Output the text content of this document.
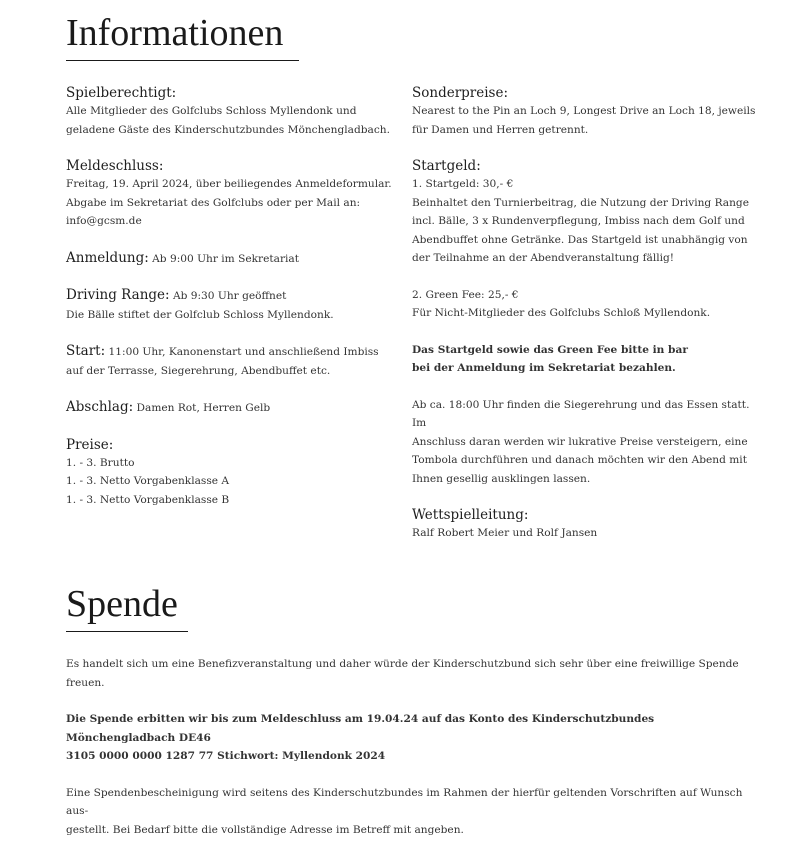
Informationen
Spielberechtigt:
Alle Mitglieder des Golfclubs Schloss Myllendonk und
geladene Gäste des Kinderschutzbundes Mönchengladbach.
Meldeschluss:
Freitag, 19. April 2024, über beiliegendes Anmeldeformular.
Abgabe im Sekretariat des Golfclubs oder per Mail an:
info@gcsm.de
Anmeldung: Ab 9:00 Uhr im Sekretariat
Driving Range: Ab 9:30 Uhr geöffnet
Die Bälle stiftet der Golfclub Schloss Myllendonk.
Start: 11:00 Uhr, Kanonenstart und anschließend Imbiss
auf der Terrasse, Siegerehrung, Abendbuffet etc.
Abschlag: Damen Rot, Herren Gelb
Preise:
1. - 3. Brutto
1. - 3. Netto Vorgabenklasse A
1. - 3. Netto Vorgabenklasse B
Sonderpreise:
Nearest to the Pin an Loch 9, Longest Drive an Loch 18, jeweils
für Damen und Herren getrennt.
Startgeld:
1. Startgeld: 30,- €
Beinhaltet den Turnierbeitrag, die Nutzung der Driving Range
incl. Bälle, 3 x Rundenverpflegung, Imbiss nach dem Golf und
Abendbuffet ohne Getränke. Das Startgeld ist unabhängig von
der Teilnahme an der Abendveranstaltung fällig!
2. Green Fee: 25,- €
Für Nicht-Mitglieder des Golfclubs Schloß Myllendonk.
Das Startgeld sowie das Green Fee bitte in bar
bei der Anmeldung im Sekretariat bezahlen.
Ab ca. 18:00 Uhr finden die Siegerehrung und das Essen statt. Im
Anschluss daran werden wir lukrative Preise versteigern, eine
Tombola durchführen und danach möchten wir den Abend mit
Ihnen gesellig ausklingen lassen.
Wettspielleitung:
Ralf Robert Meier und Rolf Jansen
Spende

Es handelt sich um eine Benefizveranstaltung und daher würde der Kinderschutzbund sich sehr über eine freiwillige Spende
freuen.

Die Spende erbitten wir bis zum Meldeschluss am 19.04.24 auf das Konto des Kinderschutzbundes Mönchengladbach DE46
3105 0000 0000 1287 77 Stichwort: Myllendonk 2024

Eine Spendenbescheinigung wird seitens des Kinderschutzbundes im Rahmen der hierfür geltenden Vorschriften auf Wunsch aus-
gestellt. Bei Bedarf bitte die vollständige Adresse im Betreff mit angeben.
